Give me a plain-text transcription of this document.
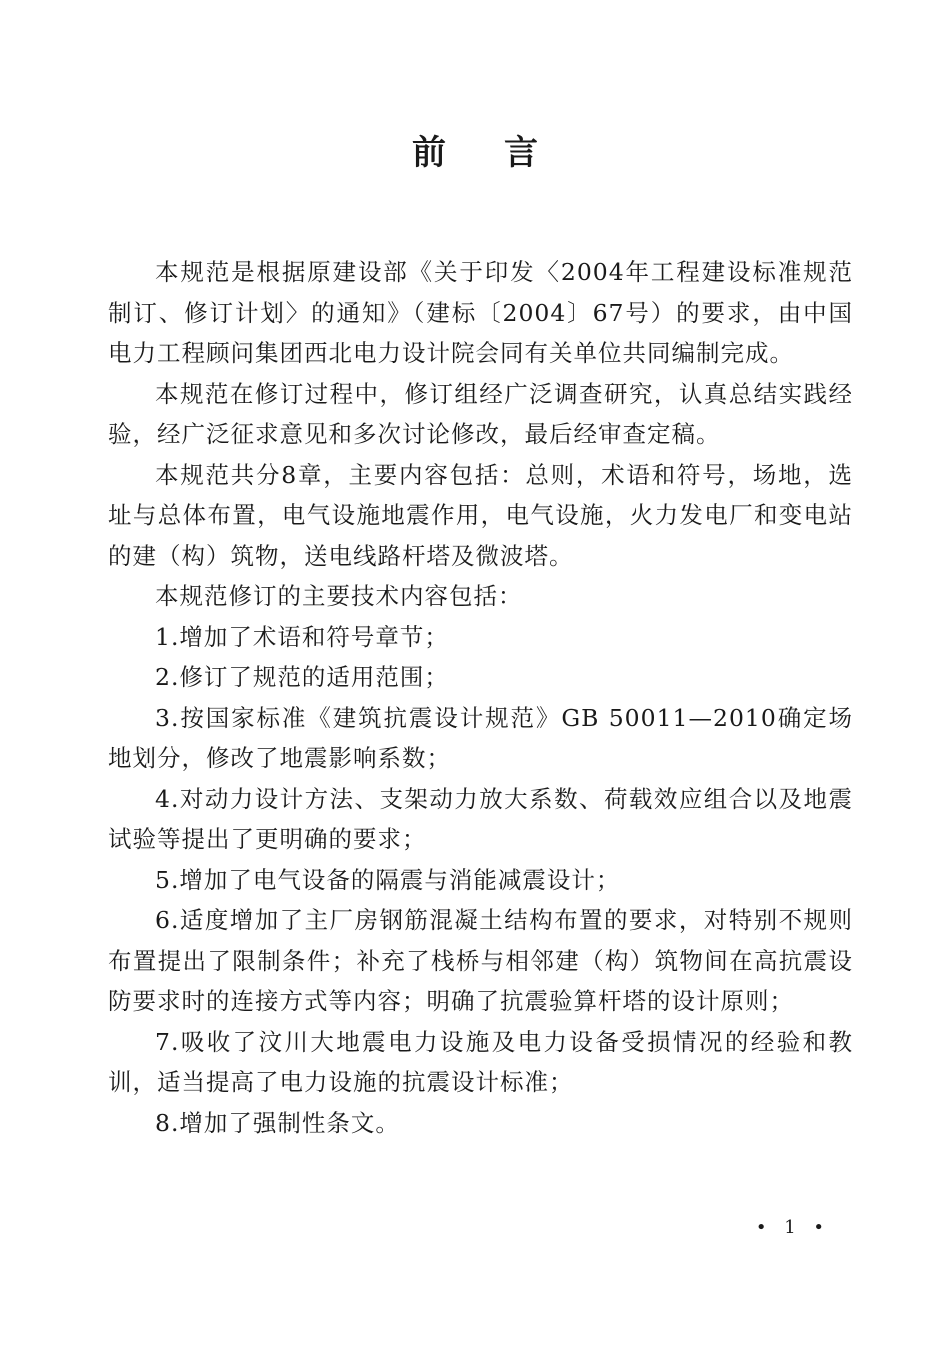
前言

本规范是根据原建设部《关于印发〈2004年工程建设标准规范制订、修订计划〉的通知》（建标〔2004〕67号）的要求，由中国电力工程顾问集团西北电力设计院会同有关单位共同编制完成。

本规范在修订过程中，修订组经广泛调查研究，认真总结实践经验，经广泛征求意见和多次讨论修改，最后经审查定稿。

本规范共分8章，主要内容包括：总则，术语和符号，场地，选址与总体布置，电气设施地震作用，电气设施，火力发电厂和变电站的建（构）筑物，送电线路杆塔及微波塔。

本规范修订的主要技术内容包括：

1.增加了术语和符号章节；

2.修订了规范的适用范围；

3.按国家标准《建筑抗震设计规范》GB 50011—2010确定场地划分，修改了地震影响系数；

4.对动力设计方法、支架动力放大系数、荷载效应组合以及地震试验等提出了更明确的要求；

5.增加了电气设备的隔震与消能减震设计；

6.适度增加了主厂房钢筋混凝土结构布置的要求，对特别不规则布置提出了限制条件；补充了栈桥与相邻建（构）筑物间在高抗震设防要求时的连接方式等内容；明确了抗震验算杆塔的设计原则；

7.吸收了汶川大地震电力设施及电力设备受损情况的经验和教训，适当提高了电力设施的抗震设计标准；

8.增加了强制性条文。

• 1 •
